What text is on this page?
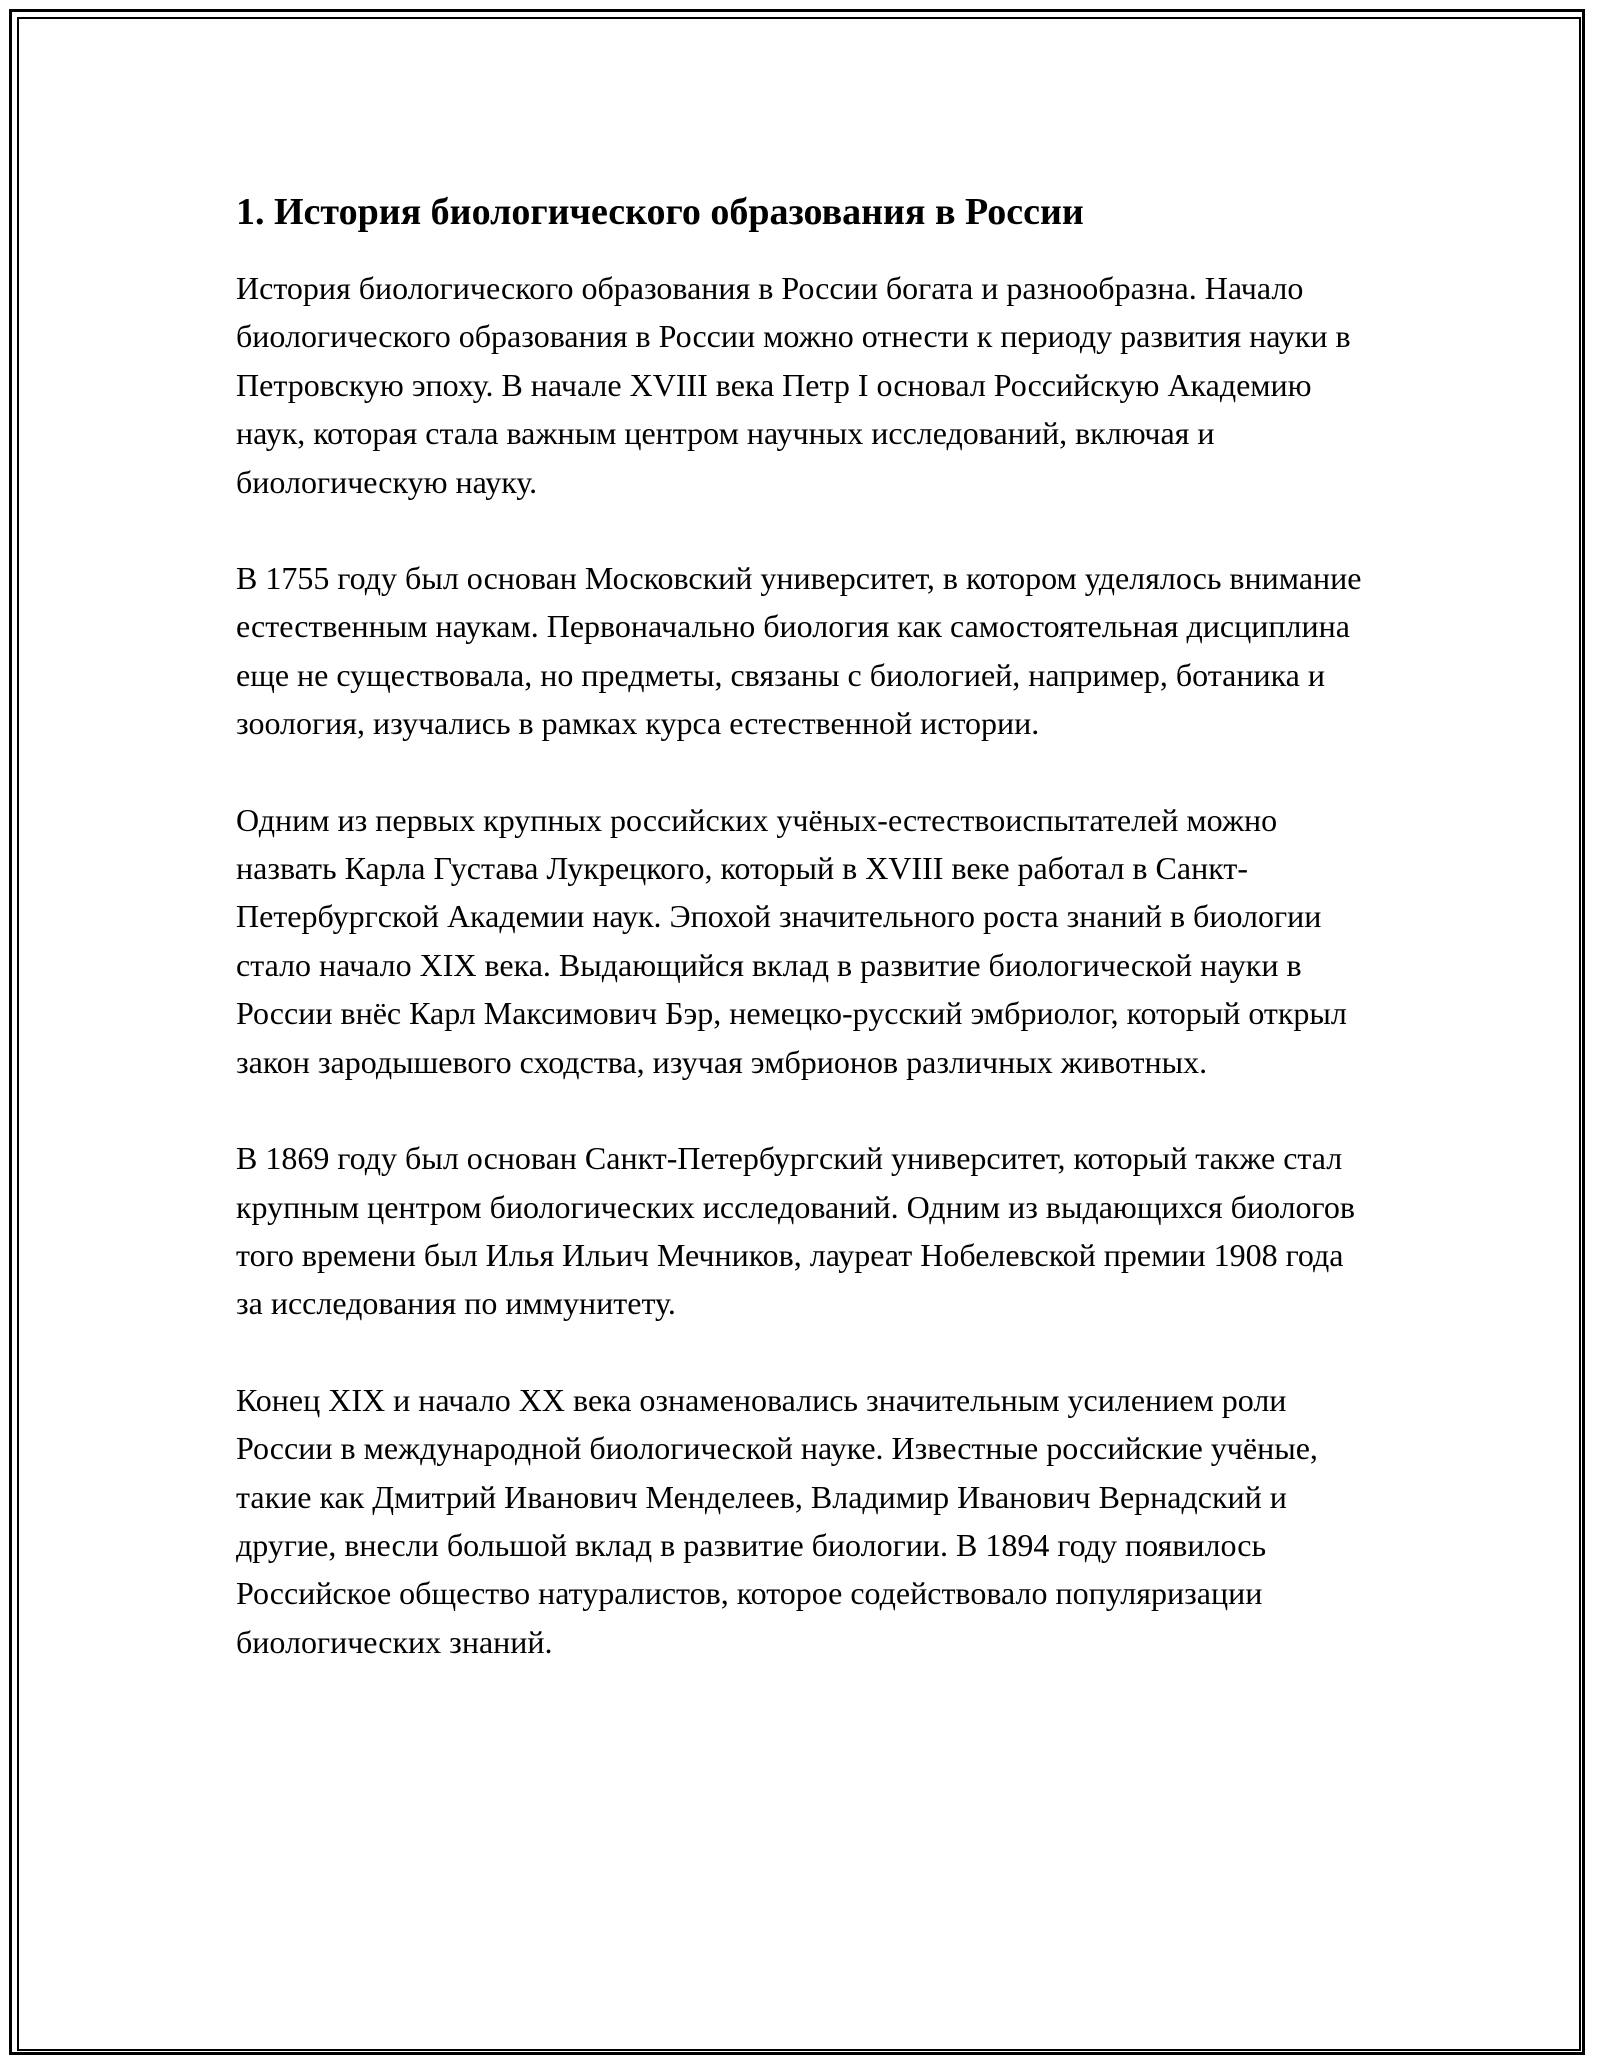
1. История биологического образования в России

История биологического образования в России богата и разнообразна. Начало биологического образования в России можно отнести к периоду развития науки в Петровскую эпоху. В начале XVIII века Петр I основал Российскую Академию наук, которая стала важным центром научных исследований, включая и биологическую науку.

В 1755 году был основан Московский университет, в котором уделялось внимание естественным наукам. Первоначально биология как самостоятельная дисциплина еще не существовала, но предметы, связаны с биологией, например, ботаника и зоология, изучались в рамках курса естественной истории.

Одним из первых крупных российских учёных-естествоиспытателей можно назвать Карла Густава Лукрецкого, который в XVIII веке работал в Санкт-Петербургской Академии наук. Эпохой значительного роста знаний в биологии стало начало XIX века. Выдающийся вклад в развитие биологической науки в России внёс Карл Максимович Бэр, немецко-русский эмбриолог, который открыл закон зародышевого сходства, изучая эмбрионов различных животных.

В 1869 году был основан Санкт-Петербургский университет, который также стал крупным центром биологических исследований. Одним из выдающихся биологов того времени был Илья Ильич Мечников, лауреат Нобелевской премии 1908 года за исследования по иммунитету.

Конец XIX и начало XX века ознаменовались значительным усилением роли России в международной биологической науке. Известные российские учёные, такие как Дмитрий Иванович Менделеев, Владимир Иванович Вернадский и другие, внесли большой вклад в развитие биологии. В 1894 году появилось Российское общество натуралистов, которое содействовало популяризации биологических знаний.
